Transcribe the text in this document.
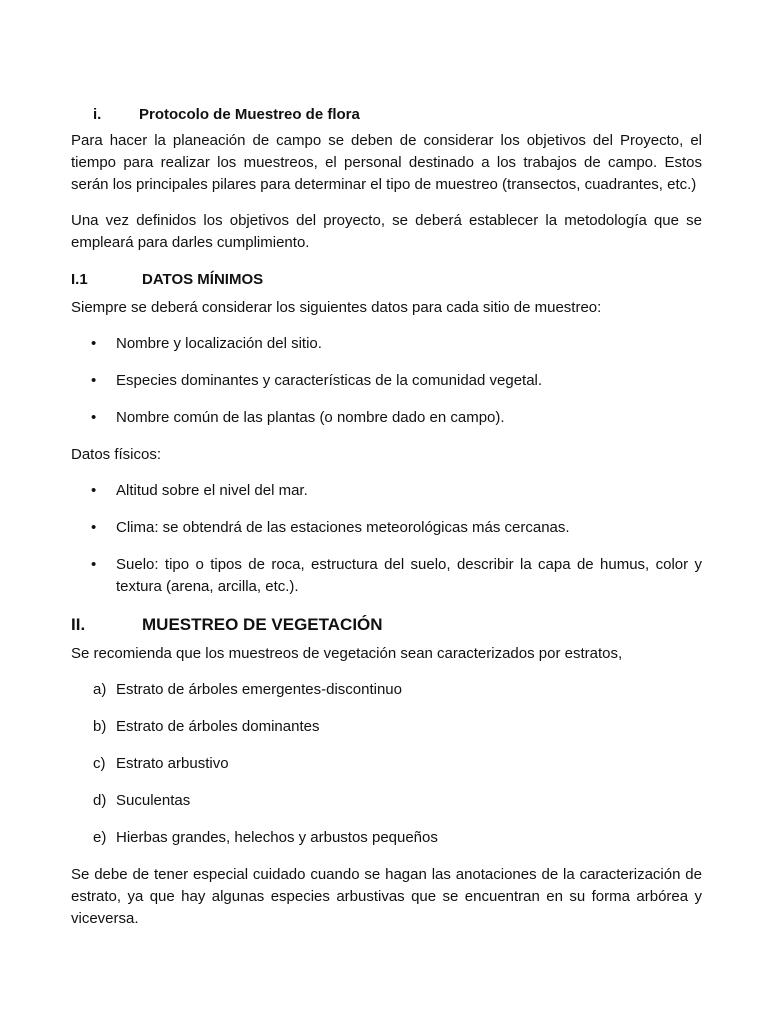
i.	Protocolo de Muestreo de flora

Para hacer la planeación de campo se deben de considerar los objetivos del Proyecto, el tiempo para realizar los muestreos, el personal destinado a los trabajos de campo. Estos serán los principales pilares para determinar el tipo de muestreo (transectos, cuadrantes, etc.)

Una vez definidos los objetivos del proyecto, se deberá establecer la metodología que se empleará para darles cumplimiento.

I.1	DATOS MÍNIMOS

Siempre se deberá considerar los siguientes datos para cada sitio de muestreo:

• Nombre y localización del sitio.
• Especies dominantes y características de la comunidad vegetal.
• Nombre común de las plantas (o nombre dado en campo).

Datos físicos:

• Altitud sobre el nivel del mar.
• Clima: se obtendrá de las estaciones meteorológicas más cercanas.
• Suelo: tipo o tipos de roca, estructura del suelo, describir la capa de humus, color y textura (arena, arcilla, etc.).
II.	MUESTREO DE VEGETACIÓN

Se recomienda que los muestreos de vegetación sean caracterizados por estratos,

a) Estrato de árboles emergentes-discontinuo
b) Estrato de árboles dominantes
c) Estrato arbustivo
d) Suculentas
e) Hierbas grandes, helechos y arbustos pequeños

Se debe de tener especial cuidado cuando se hagan las anotaciones de la caracterización de estrato, ya que hay algunas especies arbustivas que se encuentran en su forma arbórea y viceversa.
